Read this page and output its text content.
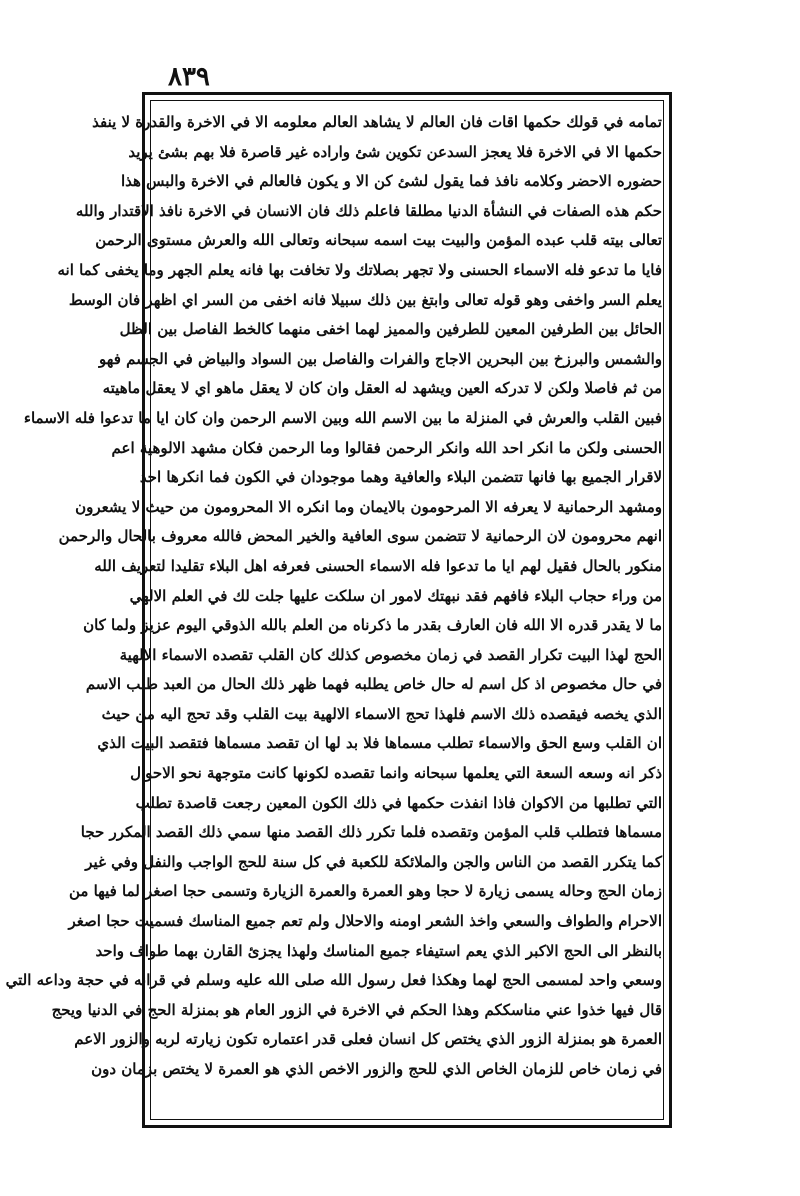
٨٣٩
تمامه في قولك حكمها اقات فان العالم لا يشاهد العالم معلومه الا في الاخرة والقدرة لا ينفذ
حكمها الا في الاخرة فلا يعجز السدعن تكوين شئ واراده غير قاصرة فلا بهم بشئ يريد
حضوره الاحضر وكلامه نافذ فما يقول لشئ كن الا و يكون فالعالم في الاخرة والبس هذا
حكم هذه الصفات في النشأة الدنيا مطلقا فاعلم ذلك فان الانسان في الاخرة نافذ الاقتدار والله
تعالى بيته قلب عبده المؤمن والبيت بيت اسمه سبحانه وتعالى الله والعرش مستوى الرحمن
فايا ما تدعو فله الاسماء الحسنى ولا تجهر بصلاتك ولا تخافت بها فانه يعلم الجهر وما يخفى كما انه
يعلم السر واخفى وهو قوله تعالى وابتغ بين ذلك سبيلا فانه اخفى من السر اي اظهر فان الوسط
الحائل بين الطرفين المعين للطرفين والمميز لهما اخفى منهما كالخط الفاصل بين الظل
والشمس والبرزخ بين البحرين الاجاج والفرات والفاصل بين السواد والبياض في الجسم فهو
من ثم فاصلا ولكن لا تدركه العين ويشهد له العقل وان كان لا يعقل ماهو اي لا يعقل ماهيته
فبين القلب والعرش في المنزلة ما بين الاسم الله وبين الاسم الرحمن وان كان ايا ما تدعوا فله الاسماء
الحسنى ولكن ما انكر احد الله وانكر الرحمن فقالوا وما الرحمن فكان مشهد الالوهية اعم
لاقرار الجميع بها فانها تتضمن البلاء والعافية وهما موجودان في الكون فما انكرها احد
ومشهد الرحمانية لا يعرفه الا المرحومون بالايمان وما انكره الا المحرومون من حيث لا يشعرون
انهم محرومون لان الرحمانية لا تتضمن سوى العافية والخير المحض فالله معروف بالحال والرحمن
منكور بالحال فقيل لهم ايا ما تدعوا فله الاسماء الحسنى فعرفه اهل البلاء تقليدا لتعريف الله
من وراء حجاب البلاء فافهم فقد نبهتك لامور ان سلكت عليها جلت لك في العلم الالهي
ما لا يقدر قدره الا الله فان العارف بقدر ما ذكرناه من العلم بالله الذوقي اليوم عزيز ولما كان
الحج لهذا البيت تكرار القصد في زمان مخصوص كذلك كان القلب تقصده الاسماء الالهية
في حال مخصوص اذ كل اسم له حال خاص يطلبه فهما ظهر ذلك الحال من العبد طلب الاسم
الذي يخصه فيقصده ذلك الاسم فلهذا تحج الاسماء الالهية بيت القلب وقد تحج اليه من حيث
ان القلب وسع الحق والاسماء تطلب مسماها فلا بد لها ان تقصد مسماها فتقصد البيت الذي
ذكر انه وسعه السعة التي يعلمها سبحانه وانما تقصده لكونها كانت متوجهة نحو الاحوال
التي تطلبها من الاكوان فاذا انفذت حكمها في ذلك الكون المعين رجعت قاصدة تطلب
مسماها فتطلب قلب المؤمن وتقصده فلما تكرر ذلك القصد منها سمي ذلك القصد المكرر حجا
كما يتكرر القصد من الناس والجن والملائكة للكعبة في كل سنة للحج الواجب والنفل وفي غير
زمان الحج وحاله يسمى زيارة لا حجا وهو العمرة والعمرة الزيارة وتسمى حجا اصغر لما فيها من
الاحرام والطواف والسعي واخذ الشعر اومنه والاحلال ولم تعم جميع المناسك فسميت حجا اصغر
بالنظر الى الحج الاكبر الذي يعم استيفاء جميع المناسك ولهذا يجزئ القارن بهما طواف واحد
وسعي واحد لمسمى الحج لهما وهكذا فعل رسول الله صلى الله عليه وسلم في قرانه في حجة وداعه التي
قال فيها خذوا عني مناسككم وهذا الحكم في الاخرة في الزور العام هو بمنزلة الحج في الدنيا ويحج
العمرة هو بمنزلة الزور الذي يختص كل انسان فعلى قدر اعتماره تكون زيارته لربه والزور الاعم
في زمان خاص للزمان الخاص الذي للحج والزور الاخص الذي هو العمرة لا يختص بزمان دون
